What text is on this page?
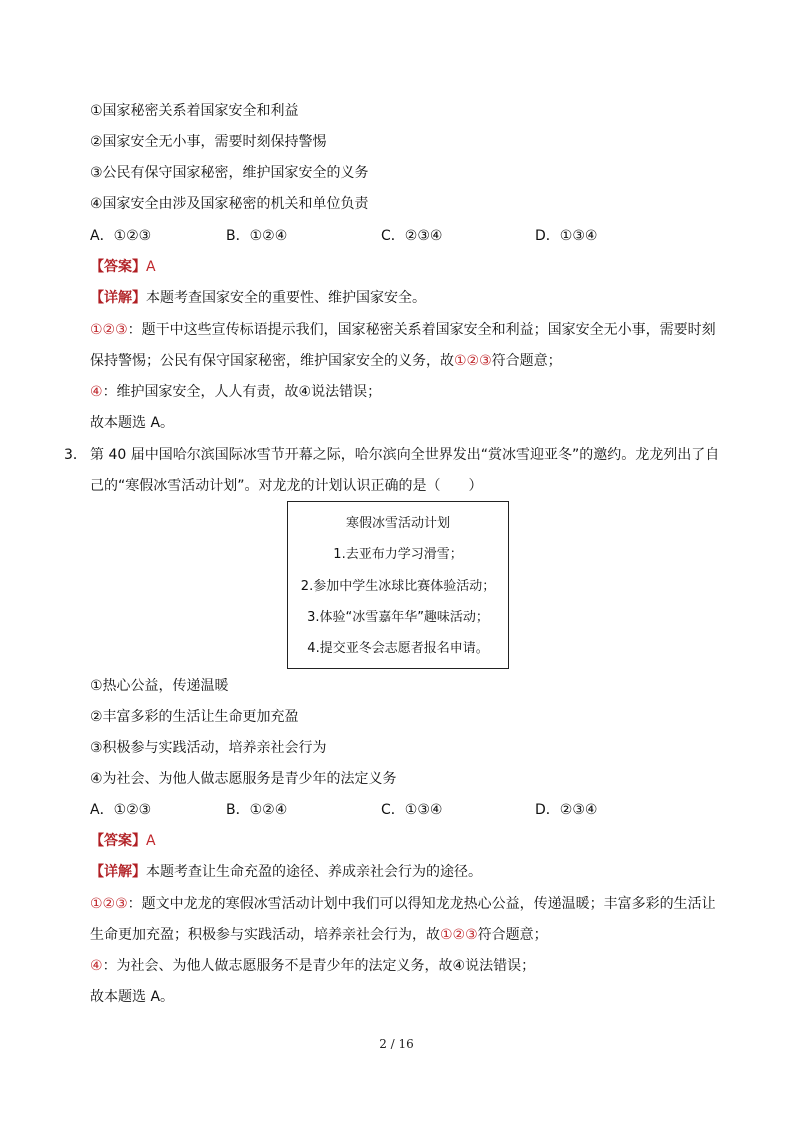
①国家秘密关系着国家安全和利益
②国家安全无小事，需要时刻保持警惕
③公民有保守国家秘密，维护国家安全的义务
④国家安全由涉及国家秘密的机关和单位负责
A．①②③	B．①②④	C．②③④	D．①③④
【答案】A
【详解】本题考查国家安全的重要性、维护国家安全。
①②③：题干中这些宣传标语提示我们，国家秘密关系着国家安全和利益；国家安全无小事，需要时刻
保持警惕；公民有保守国家秘密，维护国家安全的义务，故①②③符合题意；
④：维护国家安全，人人有责，故④说法错误；
故本题选 A。
3． 第 40 届中国哈尔滨国际冰雪节开幕之际，哈尔滨向全世界发出“赏冰雪迎亚冬”的邀约。龙龙列出了自
己的“寒假冰雪活动计划”。对龙龙的计划认识正确的是（　　）
寒假冰雪活动计划
1.去亚布力学习滑雪；
2.参加中学生冰球比赛体验活动；
3.体验“冰雪嘉年华”趣味活动；
4.提交亚冬会志愿者报名申请。
①热心公益，传递温暖
②丰富多彩的生活让生命更加充盈
③积极参与实践活动，培养亲社会行为
④为社会、为他人做志愿服务是青少年的法定义务
A．①②③	B．①②④	C．①③④	D．②③④
【答案】A
【详解】本题考查让生命充盈的途径、养成亲社会行为的途径。
①②③：题文中龙龙的寒假冰雪活动计划中我们可以得知龙龙热心公益，传递温暖；丰富多彩的生活让
生命更加充盈；积极参与实践活动，培养亲社会行为，故①②③符合题意；
④：为社会、为他人做志愿服务不是青少年的法定义务，故④说法错误；
故本题选 A。
2 / 16
